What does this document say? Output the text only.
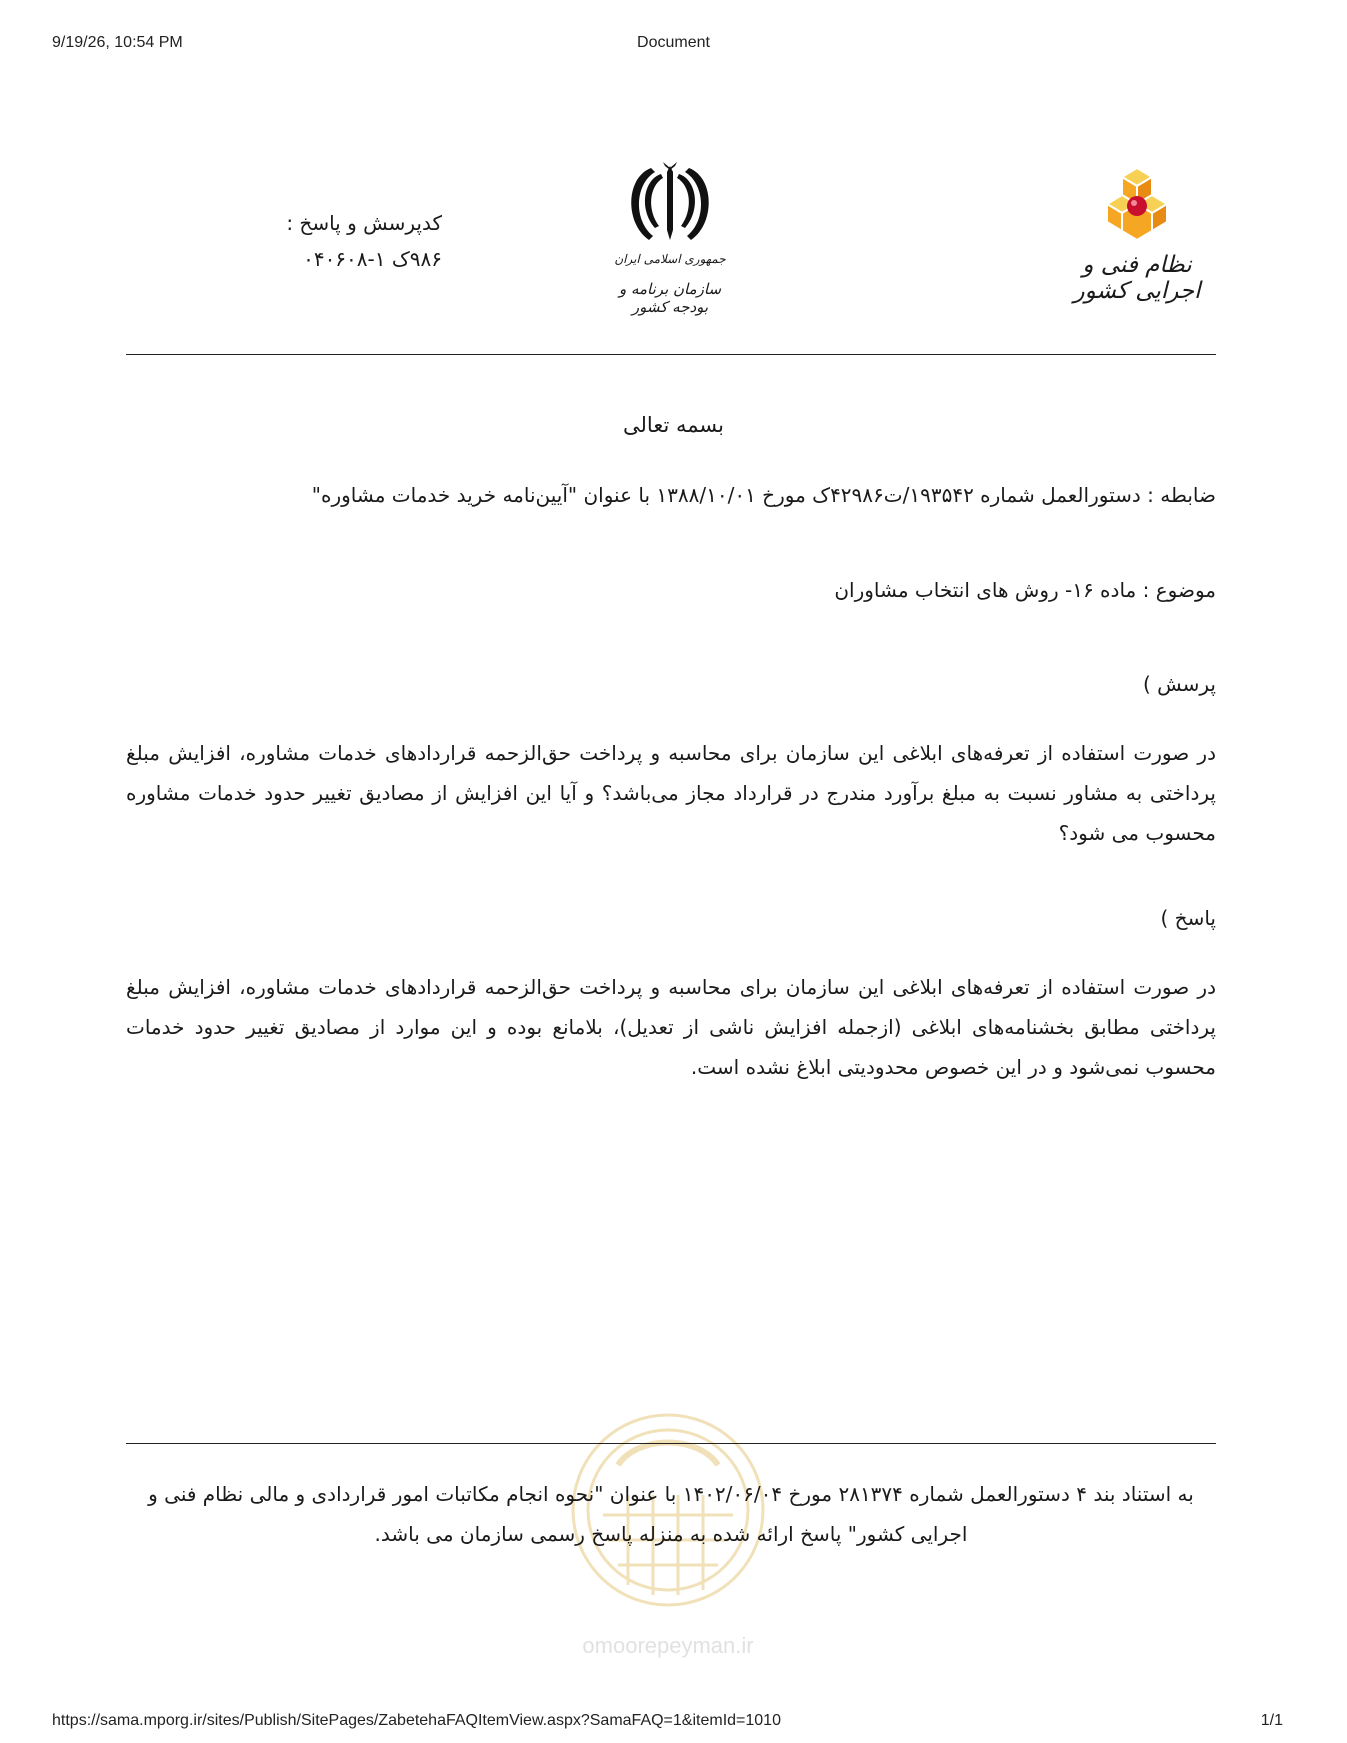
9/19/26, 10:54 PM	Document
کدپرسش و پاسخ :
۹۸۶ک ۱-۰۴۰۶۰۸	جمهوری اسلامی ایران
سازمان برنامه و بودجه کشور
نظام فنی و اجرایی کشور
بسمه تعالی
ضابطه : دستورالعمل شماره ۱۹۳۵۴۲/ت۴۲۹۸۶ک مورخ ۱۳۸۸/۱۰/۰۱ با عنوان "آیین‌نامه خرید خدمات مشاوره"
موضوع : ماده ۱۶- روش های انتخاب مشاوران
پرسش )
در صورت استفاده از تعرفه‌های ابلاغی این سازمان برای محاسبه و پرداخت حق‌الزحمه قراردادهای خدمات مشاوره، افزایش مبلغ پرداختی به مشاور نسبت به مبلغ برآورد مندرج در قرارداد مجاز می‌باشد؟ و آیا این افزایش از مصادیق تغییر حدود خدمات مشاوره محسوب می شود؟
پاسخ )
در صورت استفاده از تعرفه‌های ابلاغی این سازمان برای محاسبه و پرداخت حق‌الزحمه قراردادهای خدمات مشاوره، افزایش مبلغ پرداختی مطابق بخشنامه‌های ابلاغی (ازجمله افزایش ناشی از تعدیل)، بلامانع بوده و این موارد از مصادیق تغییر حدود خدمات محسوب نمی‌شود و در این خصوص محدودیتی ابلاغ نشده است.
omoorepeyman.ir
به استناد بند ۴ دستورالعمل شماره ۲۸۱۳۷۴ مورخ ۱۴۰۲/۰۶/۰۴ با عنوان "نحوه انجام مکاتبات امور قراردادی و مالی نظام فنی و اجرایی کشور" پاسخ ارائه شده به منزله پاسخ رسمی سازمان می باشد.
https://sama.mporg.ir/sites/Publish/SitePages/ZabetehaFAQItemView.aspx?SamaFAQ=1&itemId=1010	1/1
